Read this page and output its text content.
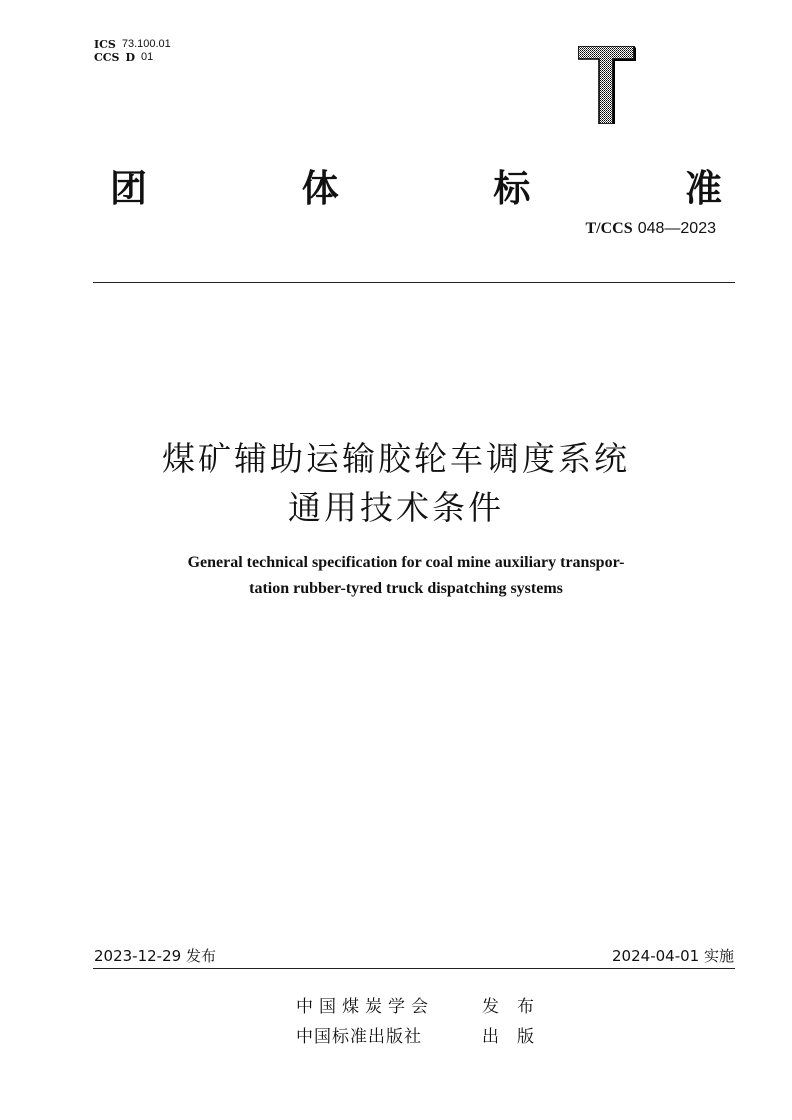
ICS 73.100.01
CCS D 01
团	体	标	准
T/CCS 048—2023
煤矿辅助运输胶轮车调度系统
通用技术条件
General technical specification for coal mine auxiliary transpor-
tation rubber-tyred truck dispatching systems
2023-12-29 发布	2024-04-01 实施
中国煤炭学会	发布
中国标准出版社	出版
